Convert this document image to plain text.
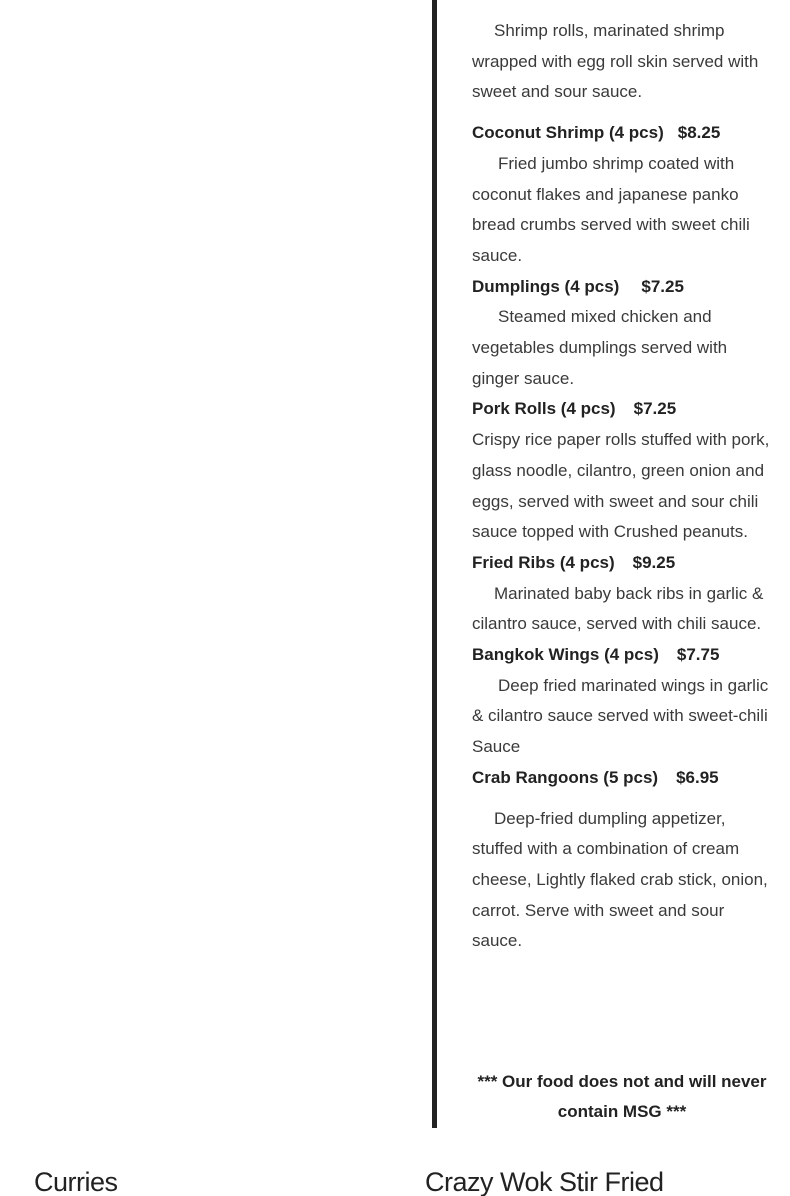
Shrimp rolls, marinated shrimp wrapped with egg roll skin served with sweet and sour sauce.
Coconut Shrimp (4 pcs) $8.25
Fried jumbo shrimp coated with coconut flakes and japanese panko bread crumbs served with sweet chili sauce.
Dumplings (4 pcs) $7.25
Steamed mixed chicken and vegetables dumplings served with ginger sauce.
Pork Rolls (4 pcs) $7.25
Crispy rice paper rolls stuffed with pork, glass noodle, cilantro, green onion and eggs, served with sweet and sour chili sauce topped with Crushed peanuts.
Fried Ribs (4 pcs) $9.25
Marinated baby back ribs in garlic & cilantro sauce, served with chili sauce.
Bangkok Wings (4 pcs) $7.75
Deep fried marinated wings in garlic & cilantro sauce served with sweet-chili Sauce
Crab Rangoons (5 pcs) $6.95
Deep-fried dumpling appetizer, stuffed with a combination of cream cheese, Lightly flaked crab stick, onion, carrot. Serve with sweet and sour sauce.
*** Our food does not and will never contain MSG ***
Curries	Crazy Wok Stir Fried
